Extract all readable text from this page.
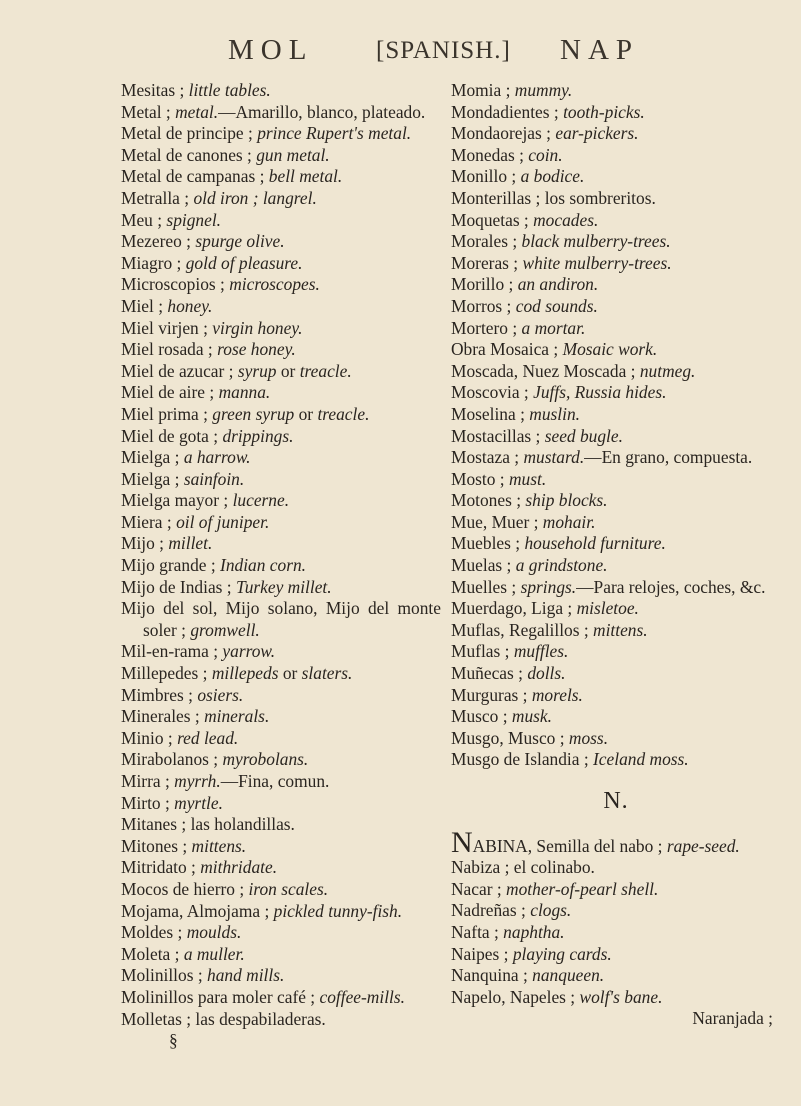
MOL	[SPANISH.] NAP

Mesitas ; little tables.

Metal ; metal.—Amarillo, blanco, plateado.

Metal de principe ; prince Rupert's metal.

Metal de canones ; gun metal.

Metal de campanas ; bell metal.

Metralla ; old iron ; langrel.

Meu ; spignel.

Mezereo ; spurge olive.

Miagro ; gold of pleasure.

Microscopios ; microscopes.

Miel ; honey.

Miel virjen ; virgin honey.

Miel rosada ; rose honey.

Miel de azucar ; syrup or treacle.

Miel de aire ; manna.

Miel prima ; green syrup or treacle.

Miel de gota ; drippings.

Mielga ; a harrow.

Mielga ; sainfoin.

Mielga mayor ; lucerne.

Miera ; oil of juniper.

Mijo ; millet.

Mijo grande ; Indian corn.

Mijo de Indias ; Turkey millet.

Mijo del sol, Mijo solano, Mijo del monte soler ; gromwell.

Mil-en-rama ; yarrow.

Millepedes ; millepeds or slaters.

Mimbres ; osiers.

Minerales ; minerals.

Minio ; red lead.

Mirabolanos ; myrobolans.

Mirra ; myrrh.—Fina, comun.

Mirto ; myrtle.

Mitanes ; las holandillas.

Mitones ; mittens.

Mitridato ; mithridate.

Mocos de hierro ; iron scales.

Mojama, Almojama ; pickled tunny-fish.

Moldes ; moulds.

Moleta ; a muller.

Molinillos ; hand mills.

Molinillos para moler café ; coffee-mills.

Molletas ; las despabiladeras.

§

Momia ; mummy.

Mondadientes ; tooth-picks.

Mondaorejas ; ear-pickers.

Monedas ; coin.

Monillo ; a bodice.

Monterillas ; los sombreritos.

Moquetas ; mocades.

Morales ; black mulberry-trees.

Moreras ; white mulberry-trees.

Morillo ; an andiron.

Morros ; cod sounds.

Mortero ; a mortar.

Obra Mosaica ; Mosaic work.

Moscada, Nuez Moscada ; nutmeg.

Moscovia ; Juffs, Russia hides.

Moselina ; muslin.

Mostacillas ; seed bugle.

Mostaza ; mustard.—En grano, compuesta.

Mosto ; must.

Motones ; ship blocks.

Mue, Muer ; mohair.

Muebles ; household furniture.

Muelas ; a grindstone.

Muelles ; springs.—Para relojes, coches, &c.

Muerdago, Liga ; misletoe.

Muflas, Regalillos ; mittens.

Muflas ; muffles.

Muñecas ; dolls.

Murguras ; morels.

Musco ; musk.

Musgo, Musco ; moss.

Musgo de Islandia ; Iceland moss.

N.

NABINA, Semilla del nabo ; rape-seed.

Nabiza ; el colinabo.

Nacar ; mother-of-pearl shell.

Nadreñas ; clogs.

Nafta ; naphtha.

Naipes ; playing cards.

Nanquina ; nanqueen.

Napelo, Napeles ; wolf's bane.

Naranjada ;
